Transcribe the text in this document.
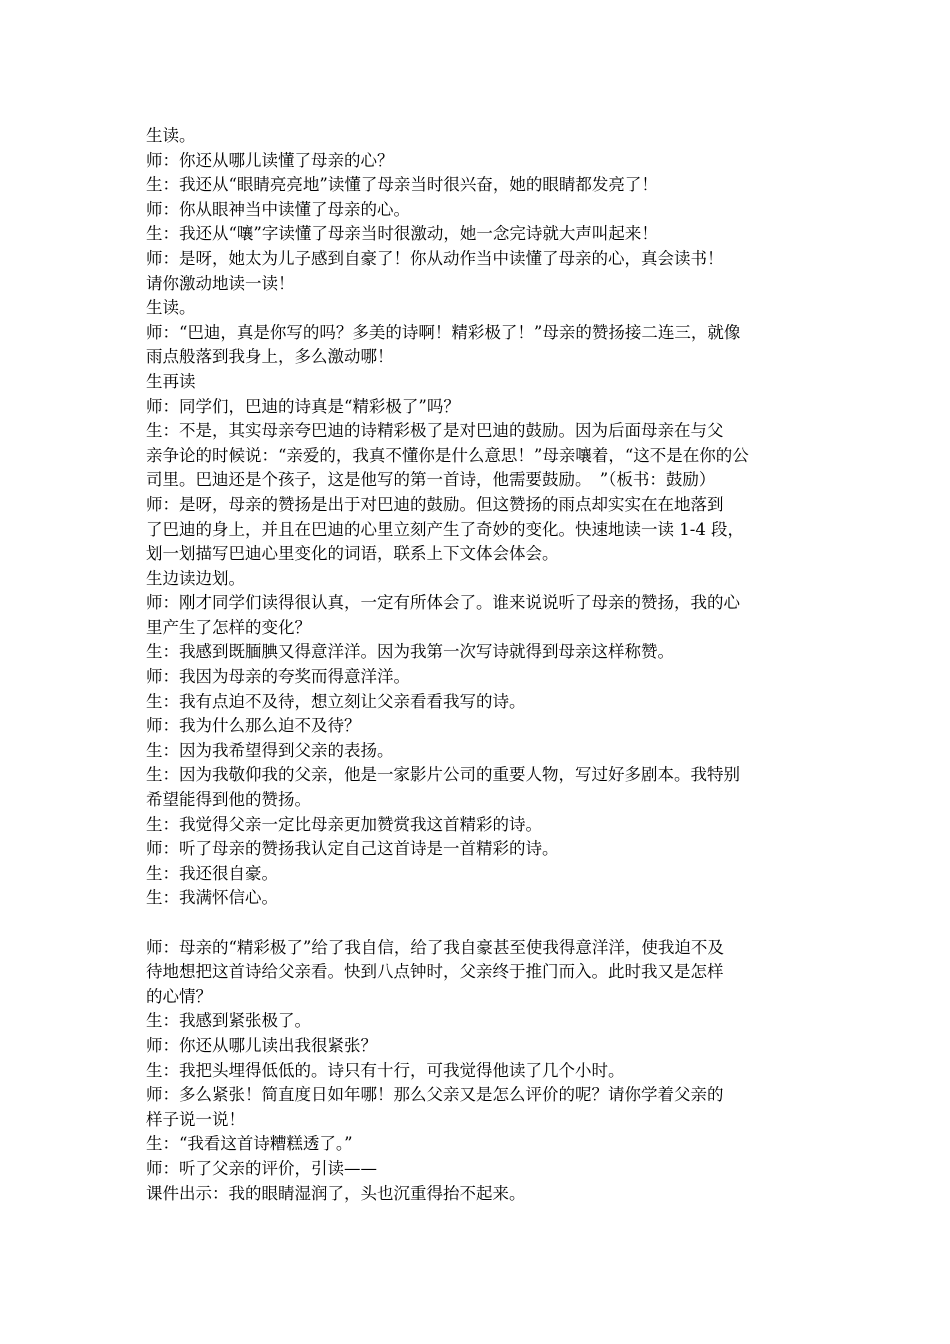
生读。
师：你还从哪儿读懂了母亲的心？
生：我还从“眼睛亮亮地”读懂了母亲当时很兴奋，她的眼睛都发亮了！
师：你从眼神当中读懂了母亲的心。
生：我还从“嚷”字读懂了母亲当时很激动，她一念完诗就大声叫起来！
师：是呀，她太为儿子感到自豪了！你从动作当中读懂了母亲的心，真会读书！
请你激动地读一读！
生读。
师：“巴迪，真是你写的吗？多美的诗啊！精彩极了！”母亲的赞扬接二连三，就像
雨点般落到我身上，多么激动哪！
生再读
师：同学们，巴迪的诗真是“精彩极了”吗？
生：不是，其实母亲夸巴迪的诗精彩极了是对巴迪的鼓励。因为后面母亲在与父
亲争论的时候说：“亲爱的，我真不懂你是什么意思！”母亲嚷着，“这不是在你的公
司里。巴迪还是个孩子，这是他写的第一首诗，他需要鼓励。　”（板书：鼓励）
师：是呀，母亲的赞扬是出于对巴迪的鼓励。但这赞扬的雨点却实实在在地落到
了巴迪的身上，并且在巴迪的心里立刻产生了奇妙的变化。快速地读一读 1-4 段，
划一划描写巴迪心里变化的词语，联系上下文体会体会。
生边读边划。
师：刚才同学们读得很认真，一定有所体会了。谁来说说听了母亲的赞扬，我的心
里产生了怎样的变化？
生：我感到既腼腆又得意洋洋。因为我第一次写诗就得到母亲这样称赞。
师：我因为母亲的夸奖而得意洋洋。
生：我有点迫不及待，想立刻让父亲看看我写的诗。
师：我为什么那么迫不及待？
生：因为我希望得到父亲的表扬。
生：因为我敬仰我的父亲，他是一家影片公司的重要人物，写过好多剧本。我特别
希望能得到他的赞扬。
生：我觉得父亲一定比母亲更加赞赏我这首精彩的诗。
师：听了母亲的赞扬我认定自己这首诗是一首精彩的诗。
生：我还很自豪。
生：我满怀信心。
师：母亲的“精彩极了”给了我自信，给了我自豪甚至使我得意洋洋，使我迫不及
待地想把这首诗给父亲看。快到八点钟时，父亲终于推门而入。此时我又是怎样
的心情？
生：我感到紧张极了。
师：你还从哪儿读出我很紧张？
生：我把头埋得低低的。诗只有十行，可我觉得他读了几个小时。
师：多么紧张！简直度日如年哪！那么父亲又是怎么评价的呢？请你学着父亲的
样子说一说！
生：“我看这首诗糟糕透了。”
师：听了父亲的评价，引读——
课件出示：我的眼睛湿润了，头也沉重得抬不起来。
